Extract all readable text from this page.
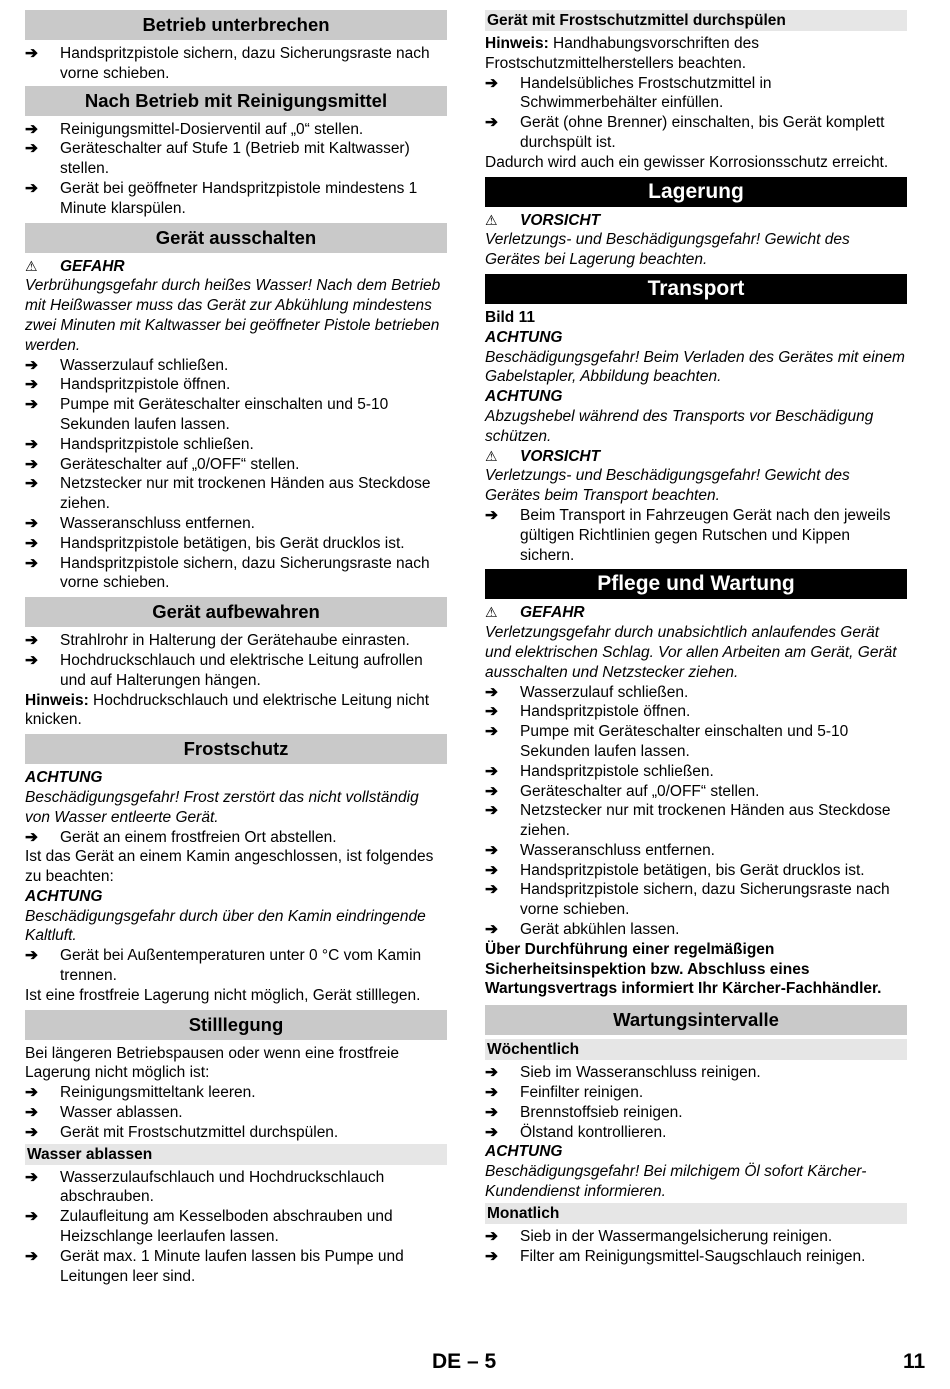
Betrieb unterbrechen
➔ Handspritzpistole sichern, dazu Sicherungsraste nach vorne schieben.
Nach Betrieb mit Reinigungsmittel
➔ Reinigungsmittel-Dosierventil auf „0“ stellen.
➔ Geräteschalter auf Stufe 1 (Betrieb mit Kaltwasser) stellen.
➔ Gerät bei geöffneter Handspritzpistole mindestens 1 Minute klarspülen.
Gerät ausschalten
⚠ GEFAHR
Verbrühungsgefahr durch heißes Wasser! Nach dem Betrieb mit Heißwasser muss das Gerät zur Abkühlung mindestens zwei Minuten mit Kaltwasser bei geöffneter Pistole betrieben werden.
➔ Wasserzulauf schließen.
➔ Handspritzpistole öffnen.
➔ Pumpe mit Geräteschalter einschalten und 5-10 Sekunden laufen lassen.
➔ Handspritzpistole schließen.
➔ Geräteschalter auf „0/OFF“ stellen.
➔ Netzstecker nur mit trockenen Händen aus Steckdose ziehen.
➔ Wasseranschluss entfernen.
➔ Handspritzpistole betätigen, bis Gerät drucklos ist.
➔ Handspritzpistole sichern, dazu Sicherungsraste nach vorne schieben.
Gerät aufbewahren
➔ Strahlrohr in Halterung der Gerätehaube einrasten.
➔ Hochdruckschlauch und elektrische Leitung aufrollen und auf Halterungen hängen.
Hinweis: Hochdruckschlauch und elektrische Leitung nicht knicken.
Frostschutz
ACHTUNG
Beschädigungsgefahr! Frost zerstört das nicht vollständig von Wasser entleerte Gerät.
➔ Gerät an einem frostfreien Ort abstellen.
Ist das Gerät an einem Kamin angeschlossen, ist folgendes zu beachten:
ACHTUNG
Beschädigungsgefahr durch über den Kamin eindringende Kaltluft.
➔ Gerät bei Außentemperaturen unter 0 °C vom Kamin trennen.
Ist eine frostfreie Lagerung nicht möglich, Gerät stilllegen.
Stilllegung
Bei längeren Betriebspausen oder wenn eine frostfreie Lagerung nicht möglich ist:
➔ Reinigungsmitteltank leeren.
➔ Wasser ablassen.
➔ Gerät mit Frostschutzmittel durchspülen.
Wasser ablassen
➔ Wasserzulaufschlauch und Hochdruckschlauch abschrauben.
➔ Zulaufleitung am Kesselboden abschrauben und Heizschlange leerlaufen lassen.
➔ Gerät max. 1 Minute laufen lassen bis Pumpe und Leitungen leer sind.
Gerät mit Frostschutzmittel durchspülen
Hinweis: Handhabungsvorschriften des Frostschutzmittelherstellers beachten.
➔ Handelsübliches Frostschutzmittel in Schwimmerbehälter einfüllen.
➔ Gerät (ohne Brenner) einschalten, bis Gerät komplett durchspült ist.
Dadurch wird auch ein gewisser Korrosionsschutz erreicht.
Lagerung
⚠ VORSICHT
Verletzungs- und Beschädigungsgefahr! Gewicht des Gerätes bei Lagerung beachten.
Transport
Bild 11
ACHTUNG
Beschädigungsgefahr! Beim Verladen des Gerätes mit einem Gabelstapler, Abbildung beachten.
ACHTUNG
Abzugshebel während des Transports vor Beschädigung schützen.
⚠ VORSICHT
Verletzungs- und Beschädigungsgefahr! Gewicht des Gerätes beim Transport beachten.
➔ Beim Transport in Fahrzeugen Gerät nach den jeweils gültigen Richtlinien gegen Rutschen und Kippen sichern.
Pflege und Wartung
⚠ GEFAHR
Verletzungsgefahr durch unabsichtlich anlaufendes Gerät und elektrischen Schlag. Vor allen Arbeiten am Gerät, Gerät ausschalten und Netzstecker ziehen.
➔ Wasserzulauf schließen.
➔ Handspritzpistole öffnen.
➔ Pumpe mit Geräteschalter einschalten und 5-10 Sekunden laufen lassen.
➔ Handspritzpistole schließen.
➔ Geräteschalter auf „0/OFF“ stellen.
➔ Netzstecker nur mit trockenen Händen aus Steckdose ziehen.
➔ Wasseranschluss entfernen.
➔ Handspritzpistole betätigen, bis Gerät drucklos ist.
➔ Handspritzpistole sichern, dazu Sicherungsraste nach vorne schieben.
➔ Gerät abkühlen lassen.
Über Durchführung einer regelmäßigen Sicherheitsinspektion bzw. Abschluss eines Wartungsvertrags informiert Ihr Kärcher-Fachhändler.
Wartungsintervalle
Wöchentlich
➔ Sieb im Wasseranschluss reinigen.
➔ Feinfilter reinigen.
➔ Brennstoffsieb reinigen.
➔ Ölstand kontrollieren.
ACHTUNG
Beschädigungsgefahr! Bei milchigem Öl sofort Kärcher-Kundendienst informieren.
Monatlich
➔ Sieb in der Wassermangelsicherung reinigen.
➔ Filter am Reinigungsmittel-Saugschlauch reinigen.
DE – 5	11
